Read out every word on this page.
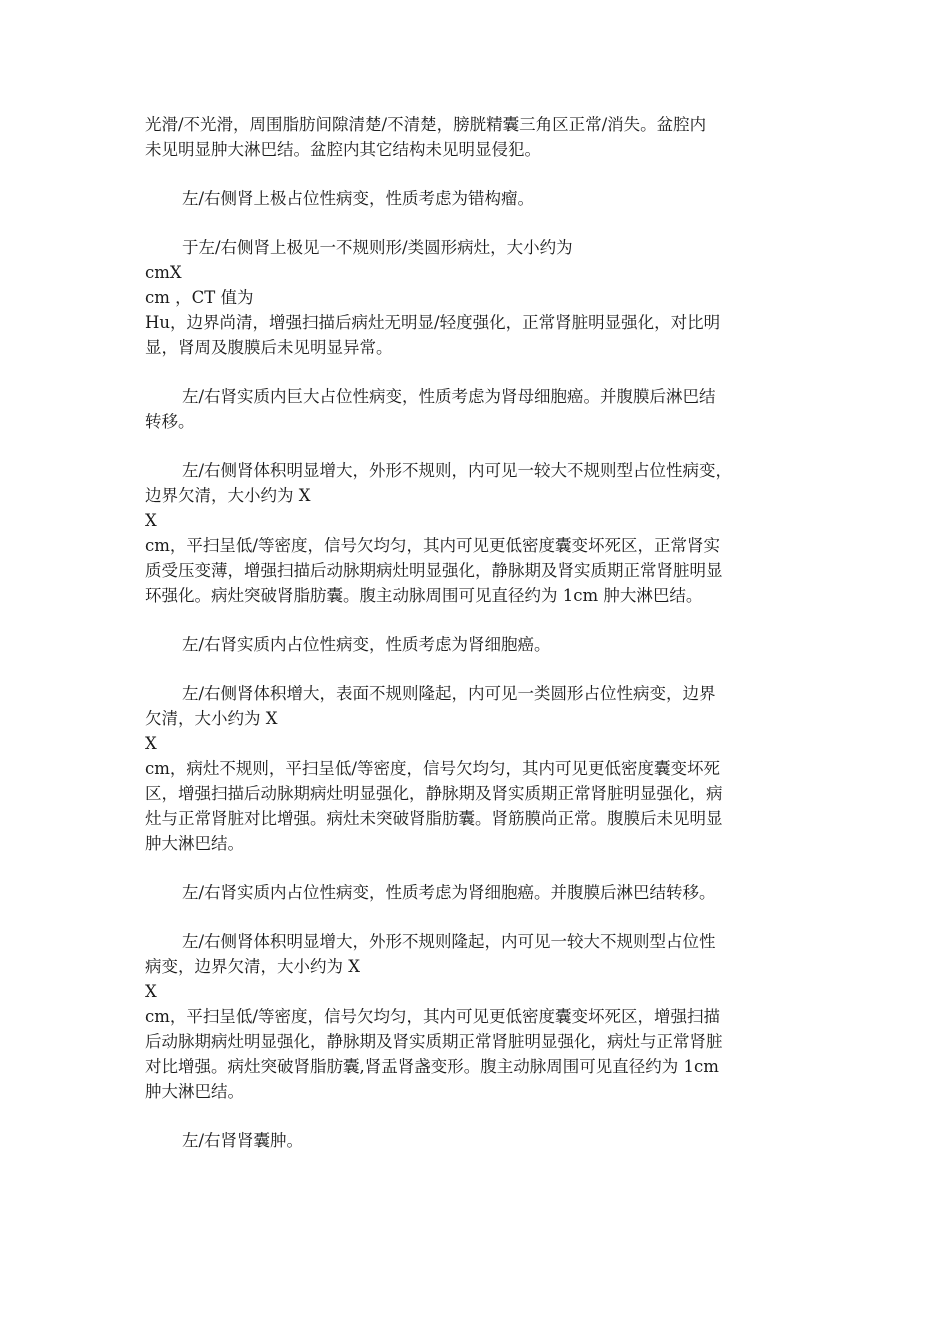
光滑/不光滑，周围脂肪间隙清楚/不清楚，膀胱精囊三角区正常/消失。盆腔内
未见明显肿大淋巴结。盆腔内其它结构未见明显侵犯。
左/右侧肾上极占位性病变，性质考虑为错构瘤。
于左/右侧肾上极见一不规则形/类圆形病灶，大小约为
cmX
cm ，CT 值为
Hu，边界尚清，增强扫描后病灶无明显/轻度强化，正常肾脏明显强化，对比明
显，肾周及腹膜后未见明显异常。
左/右肾实质内巨大占位性病变，性质考虑为肾母细胞癌。并腹膜后淋巴结
转移。
左/右侧肾体积明显增大，外形不规则，内可见一较大不规则型占位性病变，
边界欠清，大小约为 X
X
cm，平扫呈低/等密度，信号欠均匀，其内可见更低密度囊变坏死区，正常肾实
质受压变薄，增强扫描后动脉期病灶明显强化，静脉期及肾实质期正常肾脏明显
环强化。病灶突破肾脂肪囊。腹主动脉周围可见直径约为 1cm 肿大淋巴结。
左/右肾实质内占位性病变，性质考虑为肾细胞癌。
左/右侧肾体积增大，表面不规则隆起，内可见一类圆形占位性病变，边界
欠清，大小约为 X
X
cm，病灶不规则，平扫呈低/等密度，信号欠均匀，其内可见更低密度囊变坏死
区，增强扫描后动脉期病灶明显强化，静脉期及肾实质期正常肾脏明显强化，病
灶与正常肾脏对比增强。病灶未突破肾脂肪囊。肾筋膜尚正常。腹膜后未见明显
肿大淋巴结。
左/右肾实质内占位性病变，性质考虑为肾细胞癌。并腹膜后淋巴结转移。
左/右侧肾体积明显增大，外形不规则隆起，内可见一较大不规则型占位性
病变，边界欠清，大小约为 X
X
cm，平扫呈低/等密度，信号欠均匀，其内可见更低密度囊变坏死区，增强扫描
后动脉期病灶明显强化，静脉期及肾实质期正常肾脏明显强化，病灶与正常肾脏
对比增强。病灶突破肾脂肪囊,肾盂肾盏变形。腹主动脉周围可见直径约为 1cm
肿大淋巴结。
左/右肾肾囊肿。
